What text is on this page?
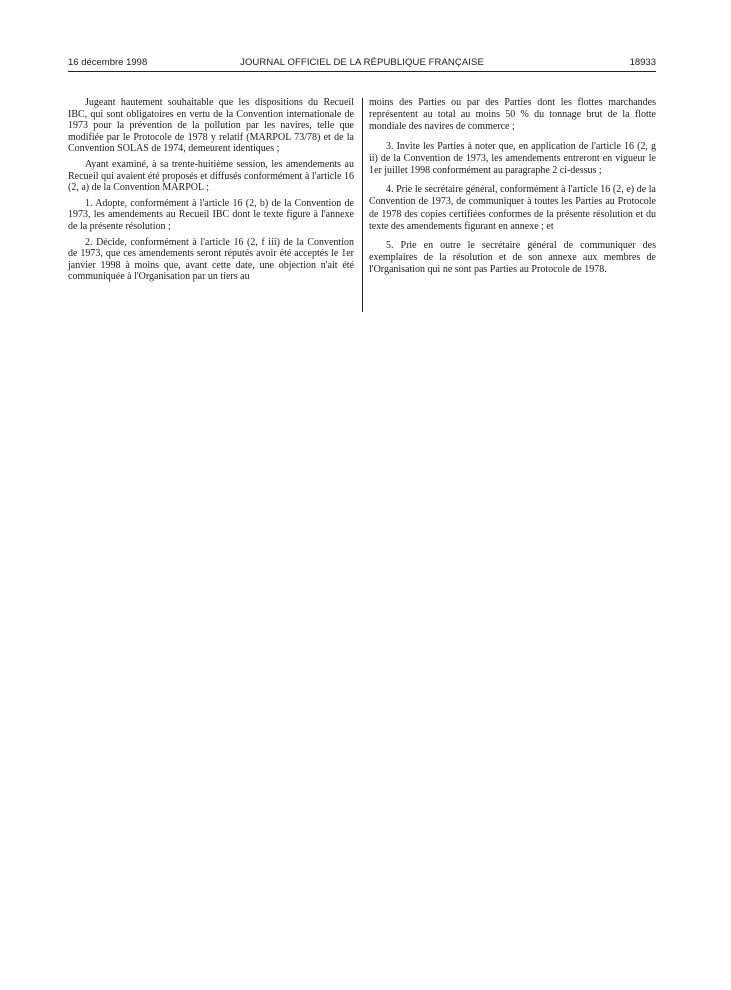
16 décembre 1998	JOURNAL OFFICIEL DE LA RÉPUBLIQUE FRANÇAISE	18933

Jugeant hautement souhaitable que les dispositions du Recueil IBC, qui sont obligatoires en vertu de la Convention internationale de 1973 pour la prévention de la pollution par les navires, telle que modifiée par le Protocole de 1978 y relatif (MARPOL 73/78) et de la Convention SOLAS de 1974, demeurent identiques ;

Ayant examiné, à sa trente-huitième session, les amendements au Recueil qui avaient été proposés et diffusés conformément à l'article 16 (2, a) de la Convention MARPOL ;

1. Adopte, conformément à l'article 16 (2, b) de la Convention de 1973, les amendements au Recueil IBC dont le texte figure à l'annexe de la présente résolution ;

2. Décide, conformément à l'article 16 (2, f iii) de la Convention de 1973, que ces amendements seront réputés avoir été acceptés le 1er janvier 1998 à moins que, avant cette date, une objection n'ait été communiquée à l'Organisation par un tiers au

moins des Parties ou par des Parties dont les flottes marchandes représentent au total au moins 50 % du tonnage brut de la flotte mondiale des navires de commerce ;

3. Invite les Parties à noter que, en application de l'article 16 (2, g ii) de la Convention de 1973, les amendements entreront en vigueur le 1er juillet 1998 conformément au paragraphe 2 ci-dessus ;

4. Prie le secrétaire général, conformément à l'article 16 (2, e) de la Convention de 1973, de communiquer à toutes les Parties au Protocole de 1978 des copies certifiées conformes de la présente résolution et du texte des amendements figurant en annexe ; et

5. Prie en outre le secrétaire général de communiquer des exemplaires de la résolution et de son annexe aux membres de l'Organisation qui ne sont pas Parties au Protocole de 1978.
